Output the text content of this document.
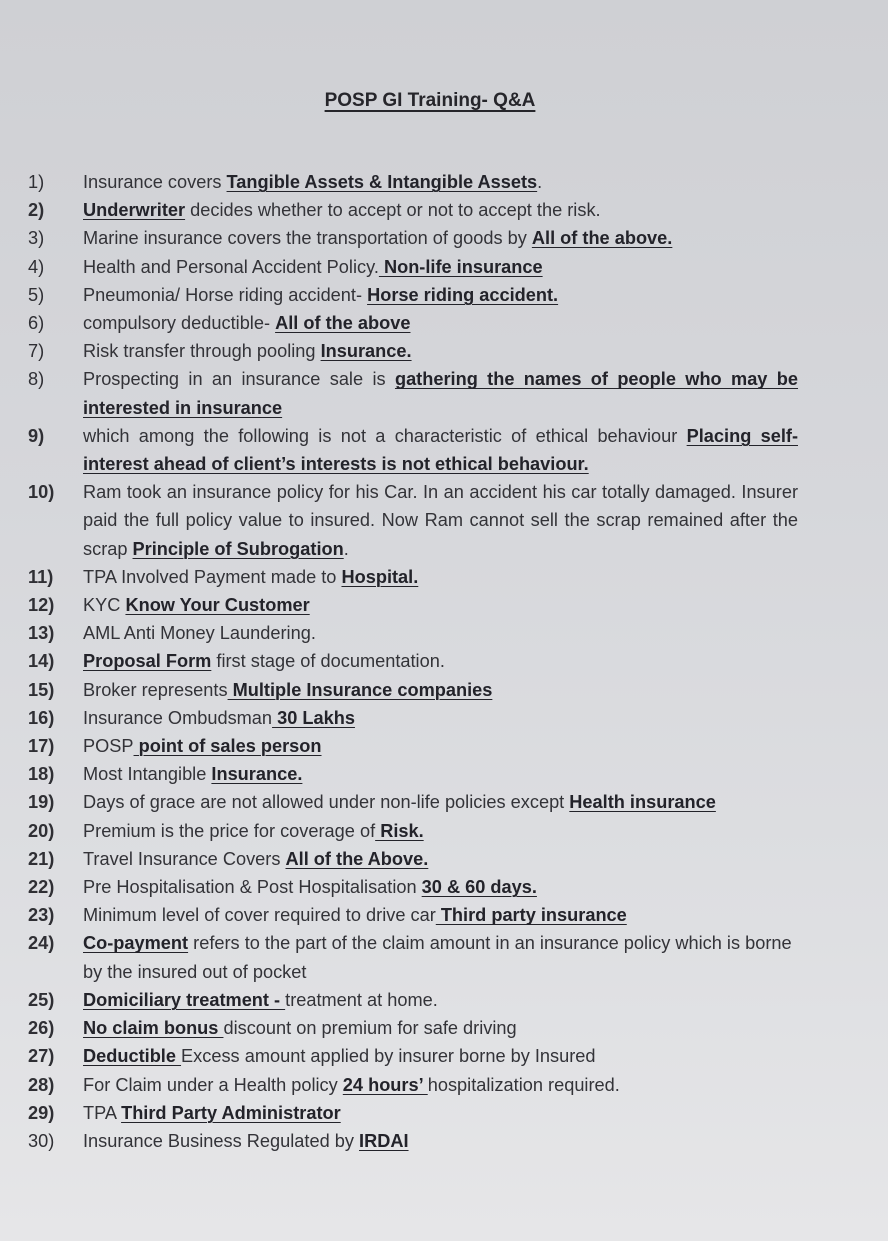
POSP GI Training- Q&A
1)	Insurance covers Tangible Assets & Intangible Assets.
2)	Underwriter decides whether to accept or not to accept the risk.
3)	Marine insurance covers the transportation of goods by All of the above.
4)	Health and Personal Accident Policy. Non-life insurance
5)	Pneumonia/ Horse riding accident- Horse riding accident.
6)	compulsory deductible- All of the above
7)	Risk transfer through pooling Insurance.
8)	Prospecting in an insurance sale is gathering the names of people who may be interested in insurance
9)	which among the following is not a characteristic of ethical behaviour Placing self-interest ahead of client’s interests is not ethical behaviour.
10)	Ram took an insurance policy for his Car. In an accident his car totally damaged. Insurer paid the full policy value to insured. Now Ram cannot sell the scrap remained after the scrap Principle of Subrogation.
11)	TPA Involved Payment made to Hospital.
12)	KYC Know Your Customer
13)	AML Anti Money Laundering.
14)	Proposal Form first stage of documentation.
15)	Broker represents Multiple Insurance companies
16)	Insurance Ombudsman 30 Lakhs
17)	POSP point of sales person
18)	Most Intangible Insurance.
19)	Days of grace are not allowed under non-life policies except Health insurance
20)	Premium is the price for coverage of Risk.
21)	Travel Insurance Covers All of the Above.
22)	Pre Hospitalisation & Post Hospitalisation 30 & 60 days.
23)	Minimum level of cover required to drive car Third party insurance
24)	Co-payment refers to the part of the claim amount in an insurance policy which is borne by the insured out of pocket
25)	Domiciliary treatment - treatment at home.
26)	No claim bonus discount on premium for safe driving
27)	Deductible Excess amount applied by insurer borne by Insured
28)	For Claim under a Health policy 24 hours’ hospitalization required.
29)	TPA Third Party Administrator
30)	Insurance Business Regulated by IRDAI
